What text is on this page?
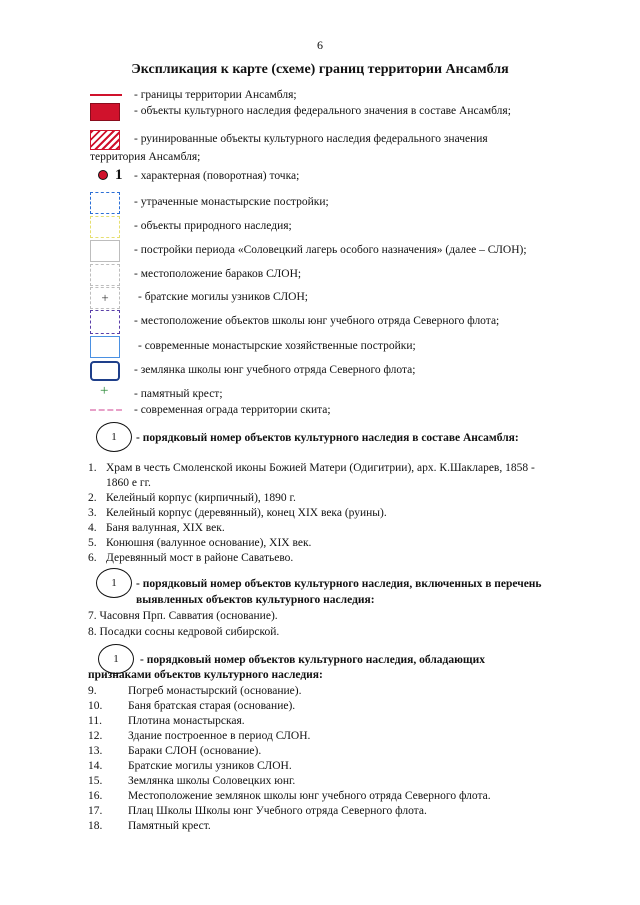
6
Экспликация к карте (схеме) границ территории Ансамбля
- границы территории Ансамбля;
- объекты культурного наследия федерального значения в составе Ансамбля;
- руинированные объекты культурного наследия федерального значения
территория Ансамбля;
1 - характерная (поворотная) точка;
- утраченные монастырские постройки;
- объекты природного наследия;
- постройки периода «Соловецкий лагерь особого назначения» (далее – СЛОН);
- местоположение бараков СЛОН;
+	- братские могилы узников СЛОН;
- местоположение объектов школы юнг учебного отряда Северного флота;
- современные монастырские хозяйственные постройки;
- землянка школы юнг учебного отряда Северного флота;
+ - памятный крест;
- современная ограда территории скита;
1	- порядковый номер объектов культурного наследия в составе Ансамбля:
1. Храм в честь Смоленской иконы Божией Матери (Одигитрии), арх. К.Шакларев, 1858 -
1860 е гг.
2. Келейный корпус (кирпичный), 1890 г.
3. Келейный корпус (деревянный), конец XIX века (руины).
4. Баня валунная, XIX век.
5. Конюшня (валунное основание), XIX век.
6. Деревянный мост в районе Саватьево.
1	- порядковый номер объектов культурного наследия, включенных в перечень
выявленных объектов культурного наследия:
7. Часовня Прп. Савватия (основание).
8. Посадки сосны кедровой сибирской.
1	- порядковый номер объектов культурного наследия, обладающих
признаками объектов культурного наследия:
9.	Погреб монастырский (основание).
10.	Баня братская старая (основание).
11.	Плотина монастырская.
12.	Здание построенное в период СЛОН.
13.	Бараки СЛОН (основание).
14.	Братские могилы узников СЛОН.
15.	Землянка школы Соловецких юнг.
16.	Местоположение землянок школы юнг учебного отряда Северного флота.
17.	Плац Школы Школы юнг Учебного отряда Северного флота.
18.	Памятный крест.
